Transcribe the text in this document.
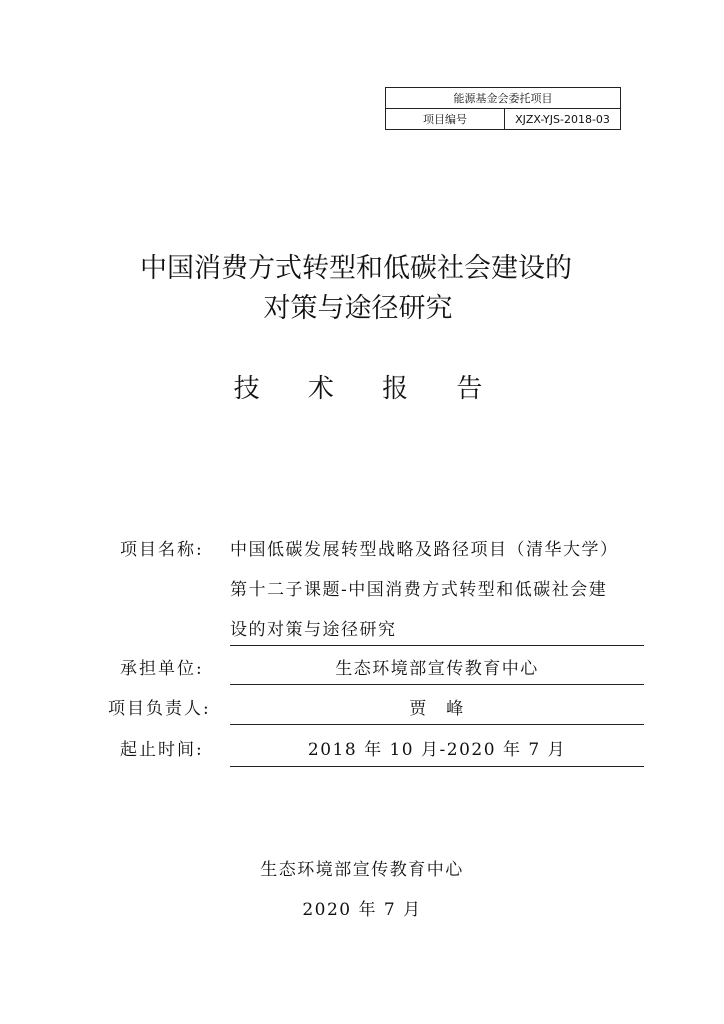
能源基金会委托项目
项目编号	XJZX-YJS-2018-03
中国消费方式转型和低碳社会建设的
对策与途径研究
技 术 报 告
项目名称: 中国低碳发展转型战略及路径项目（清华大学）
第十二子课题-中国消费方式转型和低碳社会建
设的对策与途径研究
承担单位:	生态环境部宣传教育中心
项目负责人:	贾　峰
起止时间:	2018 年 10 月-2020 年 7 月
生态环境部宣传教育中心
2020 年 7 月
